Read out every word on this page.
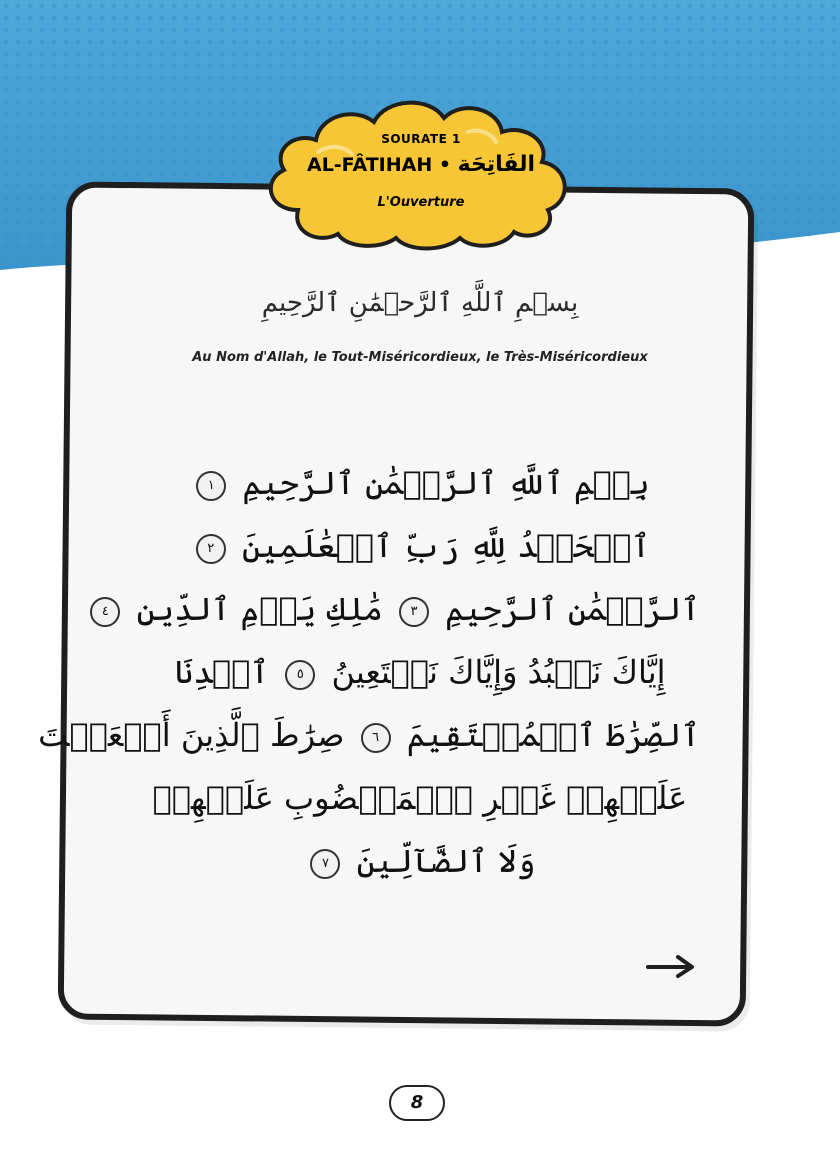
SOURATE 1
AL-FÂTIHAH • الفَاتِحَة
L'Ouverture
بِسۡمِ ٱللَّهِ ٱلرَّحۡمَٰنِ ٱلرَّحِيمِ
Au Nom d'Allah, le Tout-Miséricordieux, le Très-Miséricordieux
بِسۡمِ ٱللَّهِ ٱلرَّحۡمَٰنِ ٱلرَّحِيمِ ١
ٱلۡحَمۡدُ لِلَّهِ رَبِّ ٱلۡعَٰلَمِينَ ٢
ٱلرَّحۡمَٰنِ ٱلرَّحِيمِ ٣ مَٰلِكِ يَوۡمِ ٱلدِّينِ ٤
إِيَّاكَ نَعۡبُدُ وَإِيَّاكَ نَسۡتَعِينُ ٥ ٱهۡدِنَا
ٱلصِّرَٰطَ ٱلۡمُسۡتَقِيمَ ٦ صِرَٰطَ ٱلَّذِينَ أَنۡعَمۡتَ
عَلَيۡهِمۡ غَيۡرِ ٱلۡمَغۡضُوبِ عَلَيۡهِمۡ
وَلَا ٱلضَّآلِّينَ ٧
8
